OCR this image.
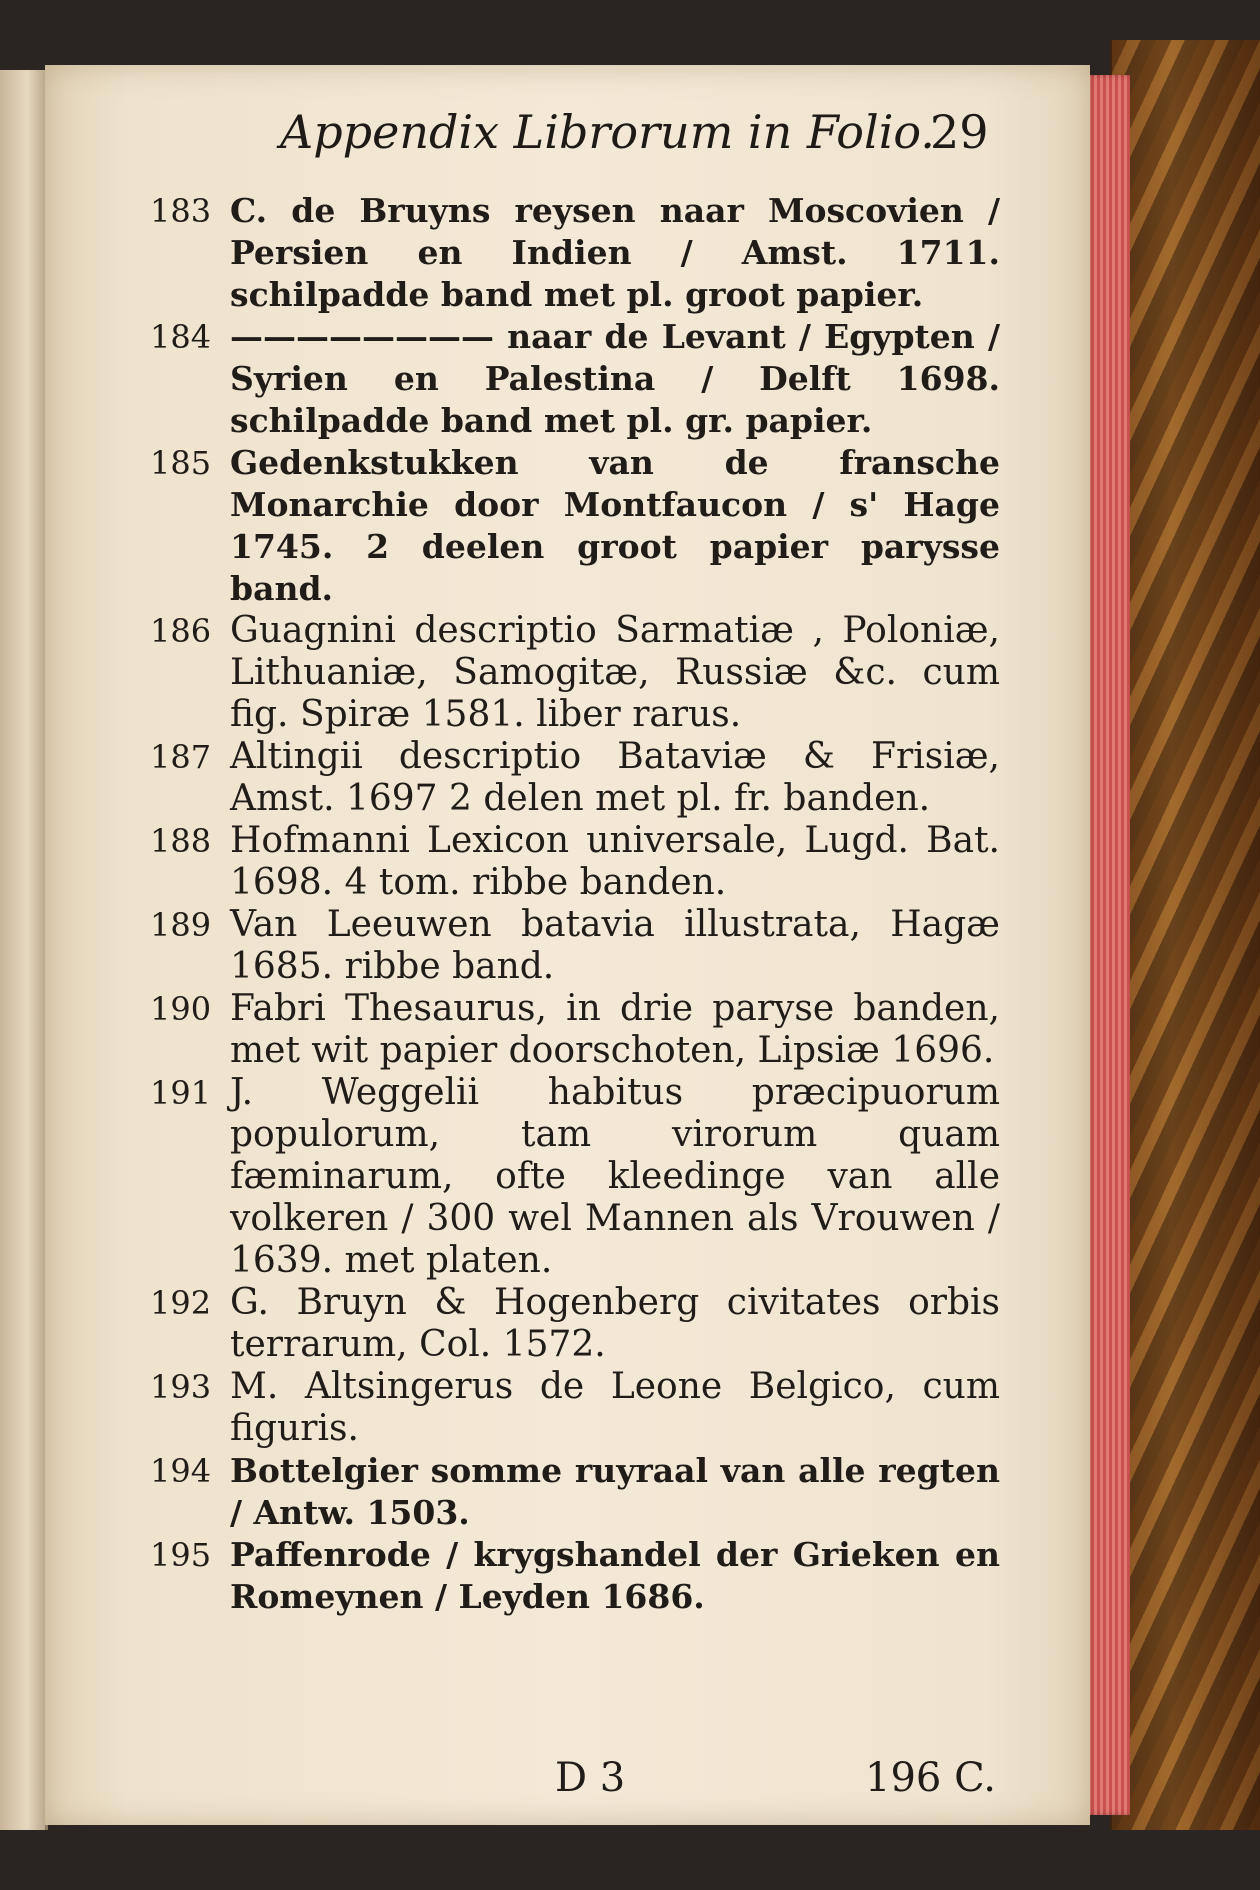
Appendix Librorum in Folio.
29
183 C. de Bruyns reysen naar Moscovien / Persien en Indien / Amst. 1711. schilpadde band met pl. groot papier.
184 ———————— naar de Levant / Egypten / Syrien en Palestina / Delft 1698. schilpadde band met pl. gr. papier.
185 Gedenkstukken van de fransche Monarchie door Montfaucon / s' Hage 1745. 2 deelen groot papier parysse band.
186 Guagnini descriptio Sarmatiæ , Poloniæ, Lithuaniæ, Samogitæ, Russiæ &c. cum fig. Spiræ 1581. liber rarus.
187 Altingii descriptio Bataviæ & Frisiæ, Amst. 1697 2 delen met pl. fr. banden.
188 Hofmanni Lexicon universale, Lugd. Bat. 1698. 4 tom. ribbe banden.
189 Van Leeuwen batavia illustrata, Hagæ 1685. ribbe band.
190 Fabri Thesaurus, in drie paryse banden, met wit papier doorschoten, Lipsiæ 1696.
191 J. Weggelii habitus præcipuorum populorum, tam virorum quam fæminarum, ofte kleedinge van alle volkeren / 300 wel Mannen als Vrouwen / 1639. met platen.
192 G. Bruyn & Hogenberg civitates orbis terrarum, Col. 1572.
193 M. Altsingerus de Leone Belgico, cum figuris.
194 Bottelgier somme ruyraal van alle regten / Antw. 1503.
195 Paffenrode / krygshandel der Grieken en Romeynen / Leyden 1686.
D 3	196 C.
